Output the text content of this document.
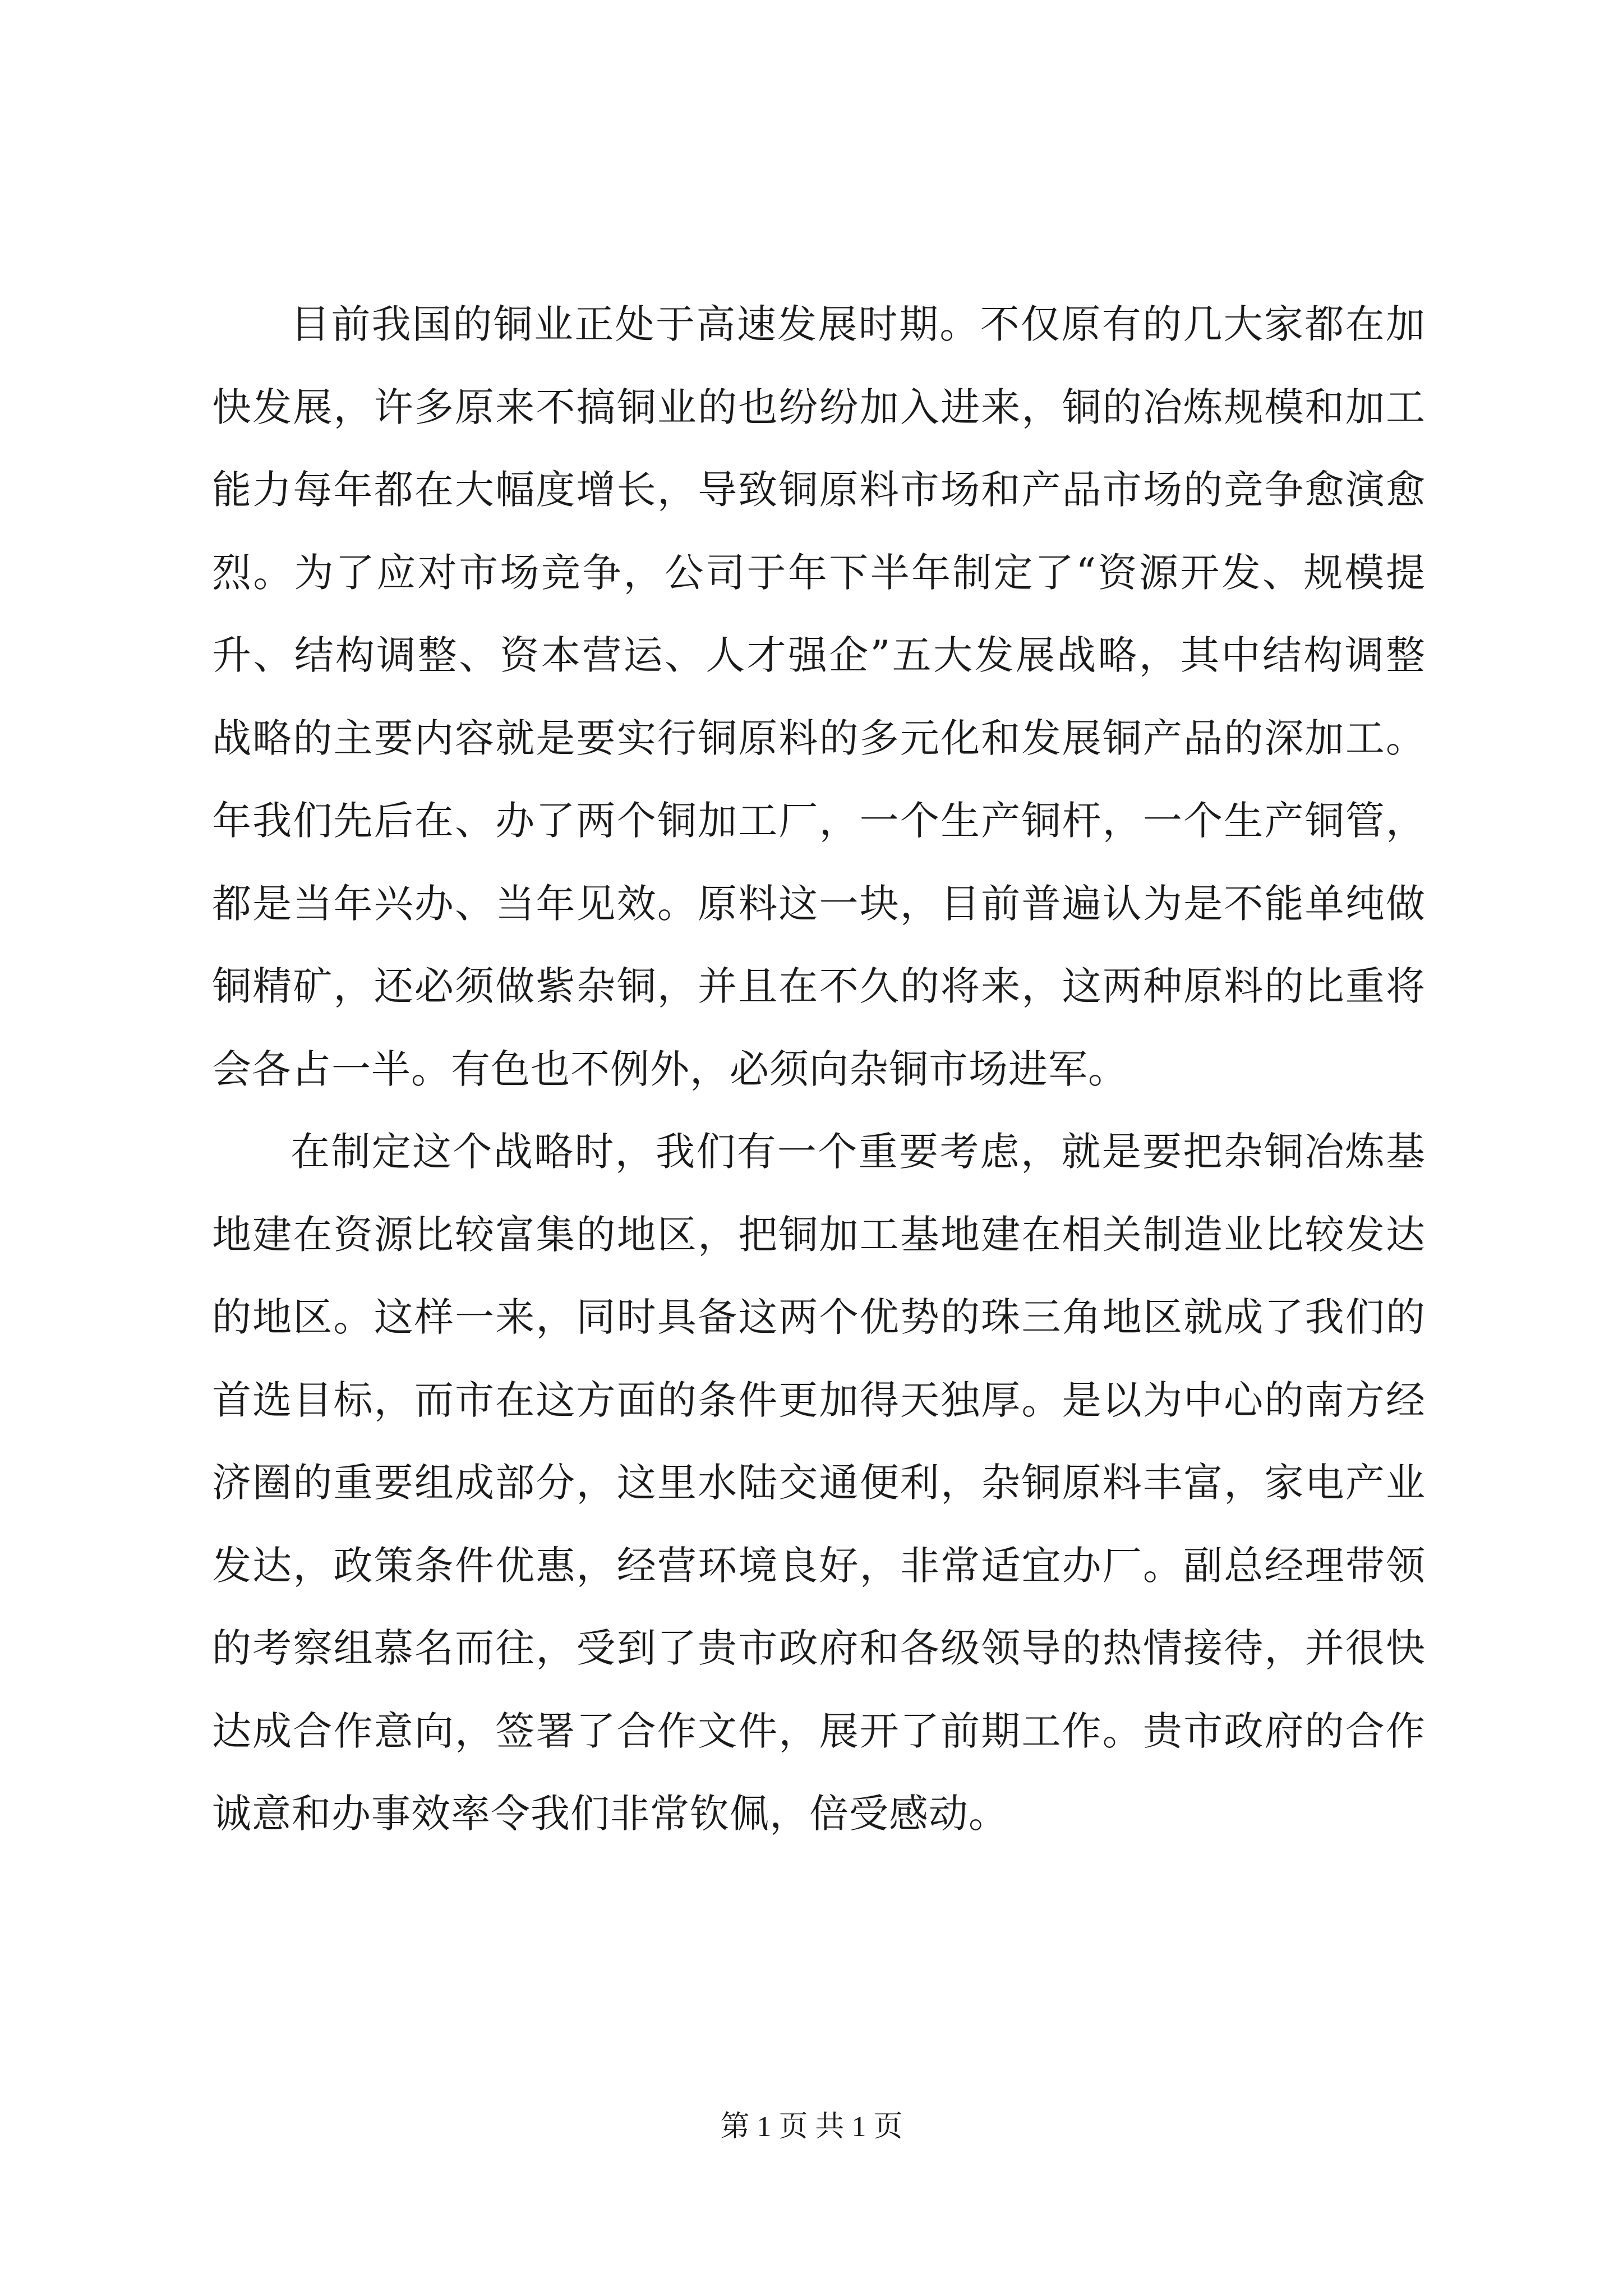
目前我国的铜业正处于高速发展时期。不仅原有的几大家都在加快发展，许多原来不搞铜业的也纷纷加入进来，铜的冶炼规模和加工能力每年都在大幅度增长，导致铜原料市场和产品市场的竞争愈演愈烈。为了应对市场竞争，公司于年下半年制定了“资源开发、规模提升、结构调整、资本营运、人才强企”五大发展战略，其中结构调整战略的主要内容就是要实行铜原料的多元化和发展铜产品的深加工。年我们先后在、办了两个铜加工厂，一个生产铜杆，一个生产铜管，都是当年兴办、当年见效。原料这一块，目前普遍认为是不能单纯做铜精矿，还必须做紫杂铜，并且在不久的将来，这两种原料的比重将会各占一半。有色也不例外，必须向杂铜市场进军。

在制定这个战略时，我们有一个重要考虑，就是要把杂铜冶炼基地建在资源比较富集的地区，把铜加工基地建在相关制造业比较发达的地区。这样一来，同时具备这两个优势的珠三角地区就成了我们的首选目标，而市在这方面的条件更加得天独厚。是以为中心的南方经济圈的重要组成部分，这里水陆交通便利，杂铜原料丰富，家电产业发达，政策条件优惠，经营环境良好，非常适宜办厂。副总经理带领的考察组慕名而往，受到了贵市政府和各级领导的热情接待，并很快达成合作意向，签署了合作文件，展开了前期工作。贵市政府的合作诚意和办事效率令我们非常钦佩，倍受感动。

第 1 页 共 1 页
